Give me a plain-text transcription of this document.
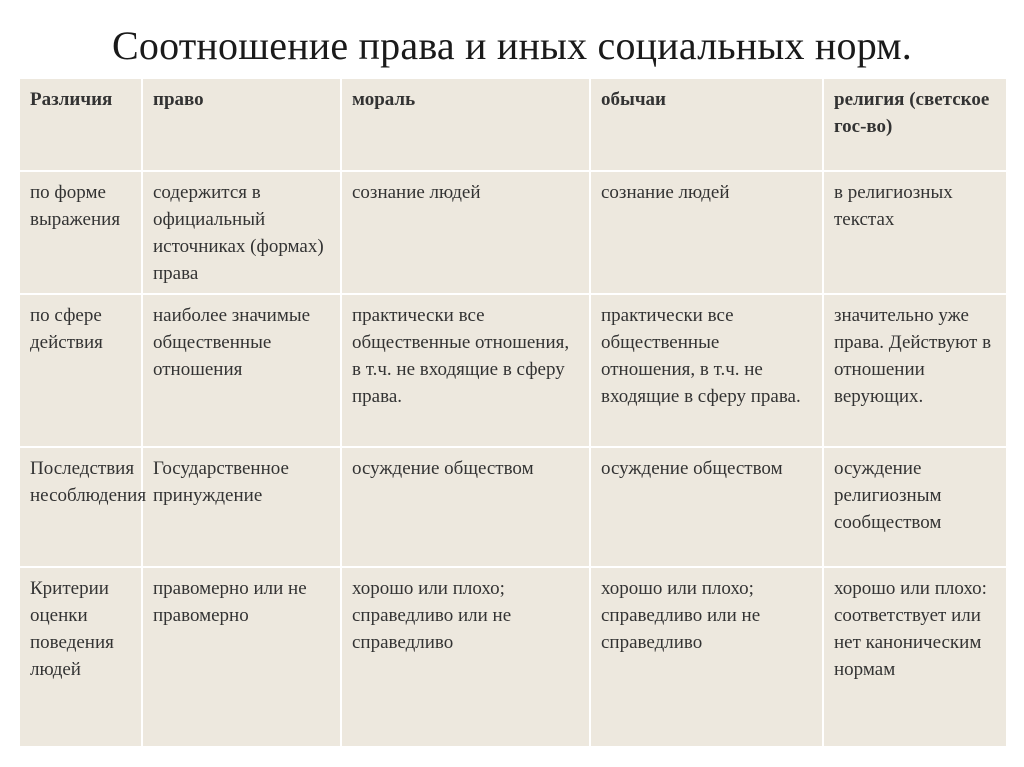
Соотношение права и иных социальных норм.
Различия	право	мораль	обычаи	религия (светское гос-во)
по форме выражения	содержится в официальный источниках (формах) права	сознание людей	сознание людей	в религиозных текстах
по сфере действия	наиболее значимые общественные отношения	практически все общественные отношения, в т.ч. не входящие в сферу права.	практически все общественные отношения, в т.ч. не входящие в сферу права.	значительно уже права. Действуют в отношении верующих.
Последствия несоблюдения	Государственное принуждение	осуждение обществом	осуждение обществом	осуждение религиозным сообществом
Критерии оценки поведения людей	правомерно или не правомерно	хорошо или плохо; справедливо или не справедливо	хорошо или плохо; справедливо или не справедливо	хорошо или плохо: соответствует или нет каноническим нормам
